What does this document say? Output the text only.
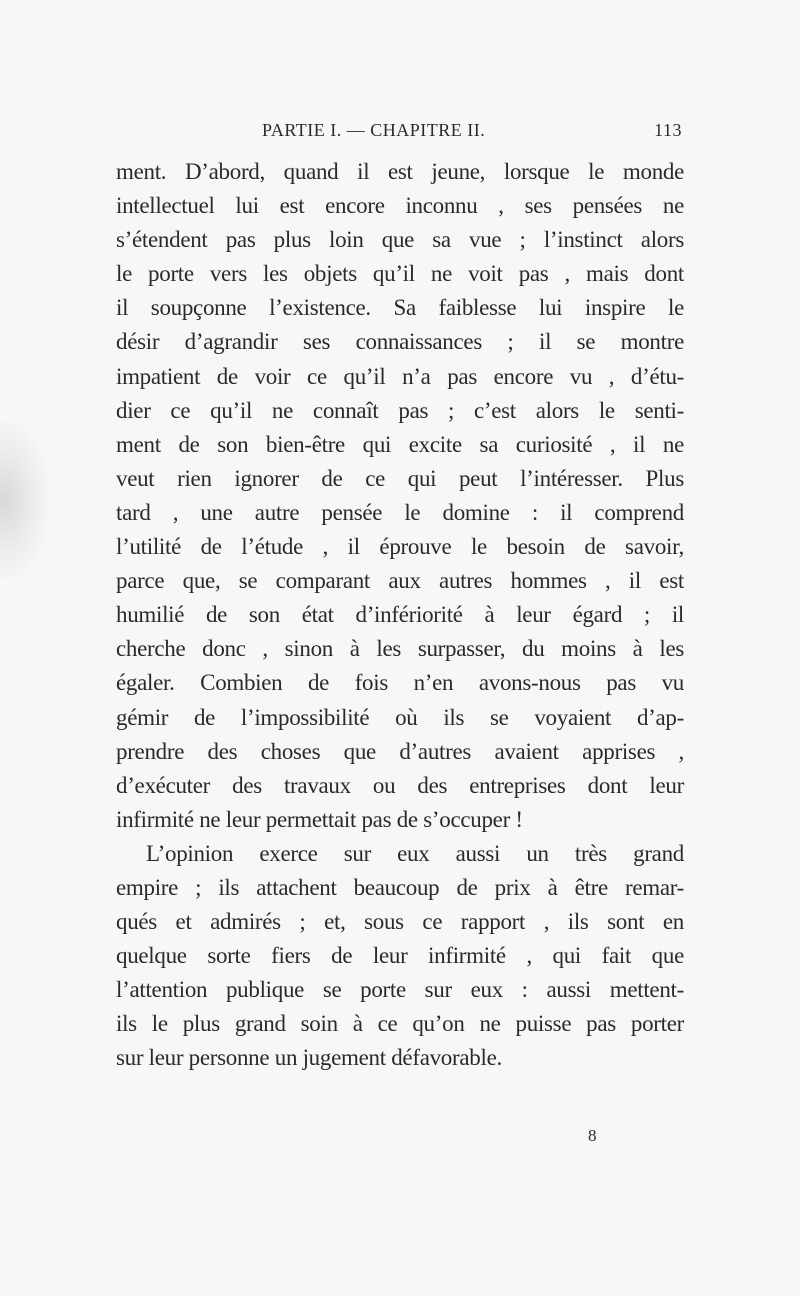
PARTIE I. — CHAPITRE II.	113
ment. D’abord, quand il est jeune, lorsque le monde
intellectuel lui est encore inconnu , ses pensées ne
s’étendent pas plus loin que sa vue ; l’instinct alors
le porte vers les objets qu’il ne voit pas , mais dont
il soupçonne l’existence. Sa faiblesse lui inspire le
désir d’agrandir ses connaissances ; il se montre
impatient de voir ce qu’il n’a pas encore vu , d’étu-
dier ce qu’il ne connaît pas ; c’est alors le senti-
ment de son bien-être qui excite sa curiosité , il ne
veut rien ignorer de ce qui peut l’intéresser. Plus
tard , une autre pensée le domine : il comprend
l’utilité de l’étude , il éprouve le besoin de savoir,
parce que, se comparant aux autres hommes , il est
humilié de son état d’infériorité à leur égard ; il
cherche donc , sinon à les surpasser, du moins à les
égaler. Combien de fois n’en avons-nous pas vu
gémir de l’impossibilité où ils se voyaient d’ap-
prendre des choses que d’autres avaient apprises ,
d’exécuter des travaux ou des entreprises dont leur
infirmité ne leur permettait pas de s’occuper !
L’opinion exerce sur eux aussi un très grand
empire ; ils attachent beaucoup de prix à être remar-
qués et admirés ; et, sous ce rapport , ils sont en
quelque sorte fiers de leur infirmité , qui fait que
l’attention publique se porte sur eux : aussi mettent-
ils le plus grand soin à ce qu’on ne puisse pas porter
sur leur personne un jugement défavorable.
8
